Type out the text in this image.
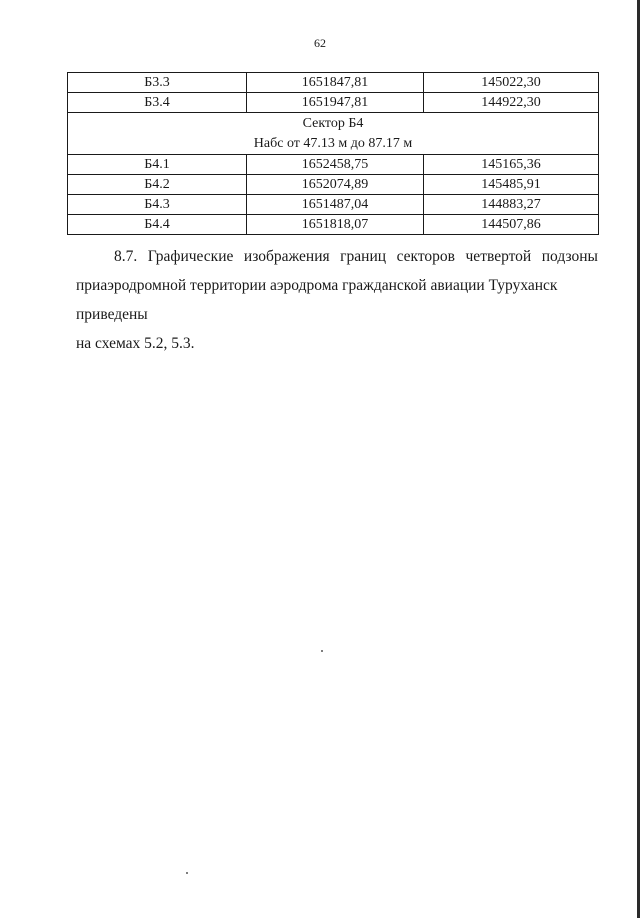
62
Б3.3	1651847,81	145022,30
Б3.4	1651947,81	144922,30

Сектор Б4
Набс от 47.13 м до 87.17 м		

Б4.1	1652458,75	145165,36
Б4.2	1652074,89	145485,91
Б4.3	1651487,04	144883,27
Б4.4	1651818,07	144507,86
8.7. Графические изображения границ секторов четвертой подзоны
приаэродромной территории аэродрома гражданской авиации Туруханск приведены
на схемах 5.2, 5.3.
